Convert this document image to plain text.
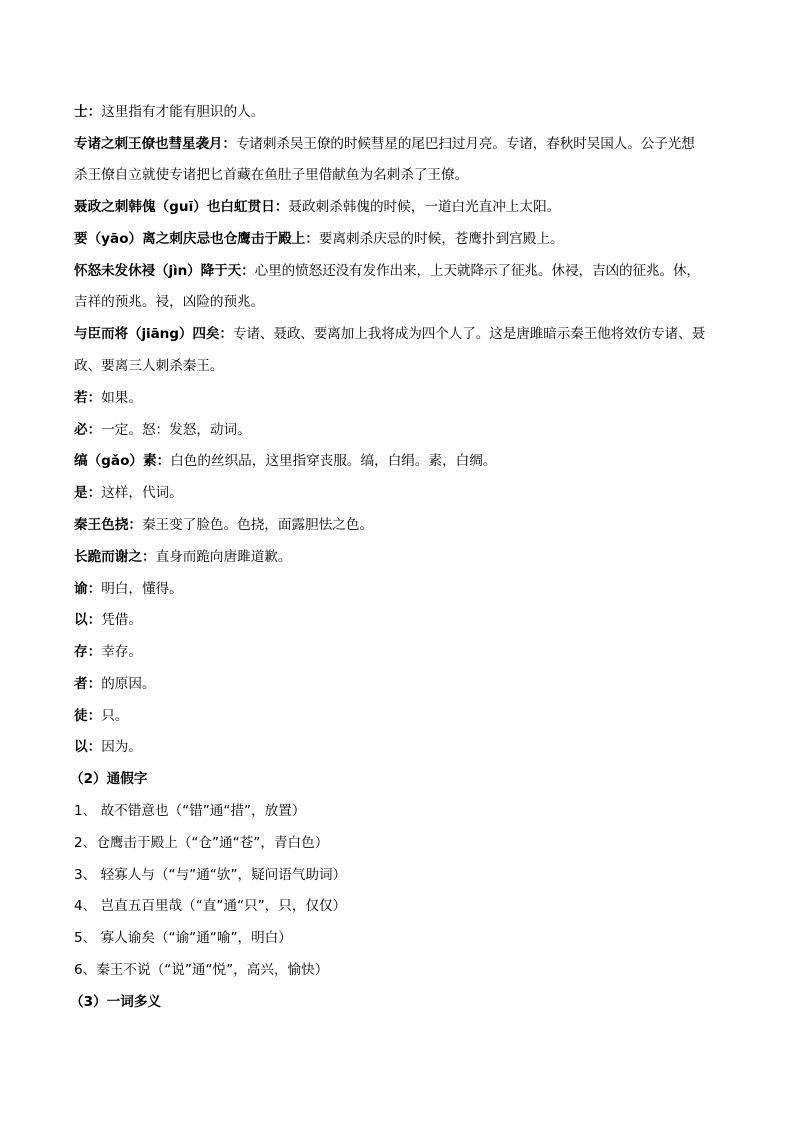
士：这里指有才能有胆识的人。
专诸之刺王僚也彗星袭月：专诸刺杀吴王僚的时候彗星的尾巴扫过月亮。专诸，春秋时吴国人。公子光想
杀王僚自立就使专诸把匕首藏在鱼肚子里借献鱼为名刺杀了王僚。
聂政之刺韩傀（guī）也白虹贯日：聂政刺杀韩傀的时候，一道白光直冲上太阳。
要（yāo）离之刺庆忌也仓鹰击于殿上：要离刺杀庆忌的时候，苍鹰扑到宫殿上。
怀怒未发休祲（jìn）降于天：心里的愤怒还没有发作出来，上天就降示了征兆。休祲，吉凶的征兆。休，
吉祥的预兆。祲，凶险的预兆。
与臣而将（jiāng）四矣：专诸、聂政、要离加上我将成为四个人了。这是唐雎暗示秦王他将效仿专诸、聂
政、要离三人刺杀秦王。
若：如果。
必：一定。怒：发怒，动词。
缟（gǎo）素：白色的丝织品，这里指穿丧服。缟，白绢。素，白绸。
是：这样，代词。
秦王色挠：秦王变了脸色。色挠，面露胆怯之色。
长跪而谢之：直身而跪向唐雎道歉。
谕：明白，懂得。
以：凭借。
存：幸存。
者：的原因。
徒：只。
以：因为。
（2）通假字
1、 故不错意也（“错”通“措”，放置）
2、仓鹰击于殿上（“仓”通“苍”，青白色）
3、 轻寡人与（“与”通“欤”，疑问语气助词）
4、 岂直五百里哉（“直”通“只”，只，仅仅）
5、 寡人谕矣（“谕”通“喻”，明白）
6、秦王不说（“说”通“悦”，高兴，愉快）
（3）一词多义
